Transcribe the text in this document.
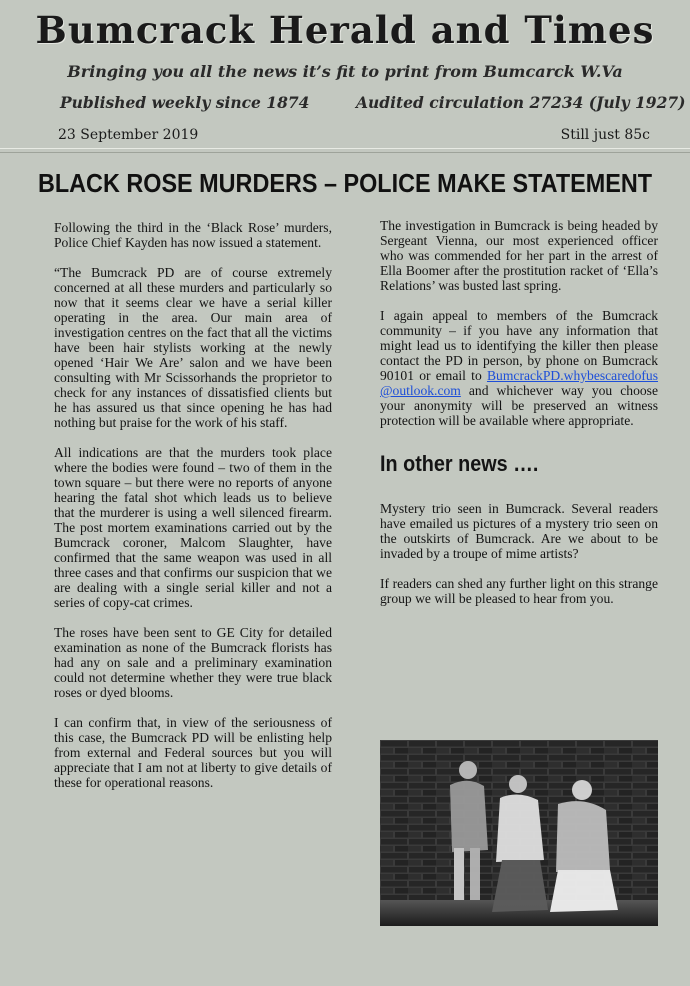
Bumcrack Herald and Times
Bringing you all the news it’s fit to print from Bumcarck W.Va
Published weekly since 1874	Audited circulation 27234 (July 1927)
23 September 2019	Still just 85c
BLACK ROSE MURDERS – POLICE MAKE STATEMENT

Following the third in the ‘Black Rose’ murders, Police Chief Kayden has now issued a statement.

“The Bumcrack PD are of course extremely concerned at all these murders and particularly so now that it seems clear we have a serial killer operating in the area. Our main area of investigation centres on the fact that all the victims have been hair stylists working at the newly opened ‘Hair We Are’ salon and we have been consulting with Mr Scissorhands the proprietor to check for any instances of dissatisfied clients but he has assured us that since opening he has had nothing but praise for the work of his staff.

All indications are that the murders took place where the bodies were found – two of them in the town square – but there were no reports of anyone hearing the fatal shot which leads us to believe that the murderer is using a well silenced firearm. The post mortem examinations carried out by the Bumcrack coroner, Malcom Slaughter, have confirmed that the same weapon was used in all three cases and that confirms our suspicion that we are dealing with a single serial killer and not a series of copy-cat crimes.

The roses have been sent to GE City for detailed examination as none of the Bumcrack florists has had any on sale and a preliminary examination could not determine whether they were true black roses or dyed blooms.

I can confirm that, in view of the seriousness of this case, the Bumcrack PD will be enlisting help from external and Federal sources but you will appreciate that I am not at liberty to give details of these for operational reasons.

The investigation in Bumcrack is being headed by Sergeant Vienna, our most experienced officer who was commended for her part in the arrest of Ella Boomer after the prostitution racket of ‘Ella’s Relations’ was busted last spring.

I again appeal to members of the Bumcrack community – if you have any information that might lead us to identifying the killer then please contact the PD in person, by phone on Bumcrack 90101 or email to BumcrackPD.whybescaredofus@outlook.com and whichever way you choose your anonymity will be preserved an witness protection will be available where appropriate.

In other news ….

Mystery trio seen in Bumcrack. Several readers have emailed us pictures of a mystery trio seen on the outskirts of Bumcrack. Are we about to be invaded by a troupe of mime artists?

If readers can shed any further light on this strange group we will be pleased to hear from you.
